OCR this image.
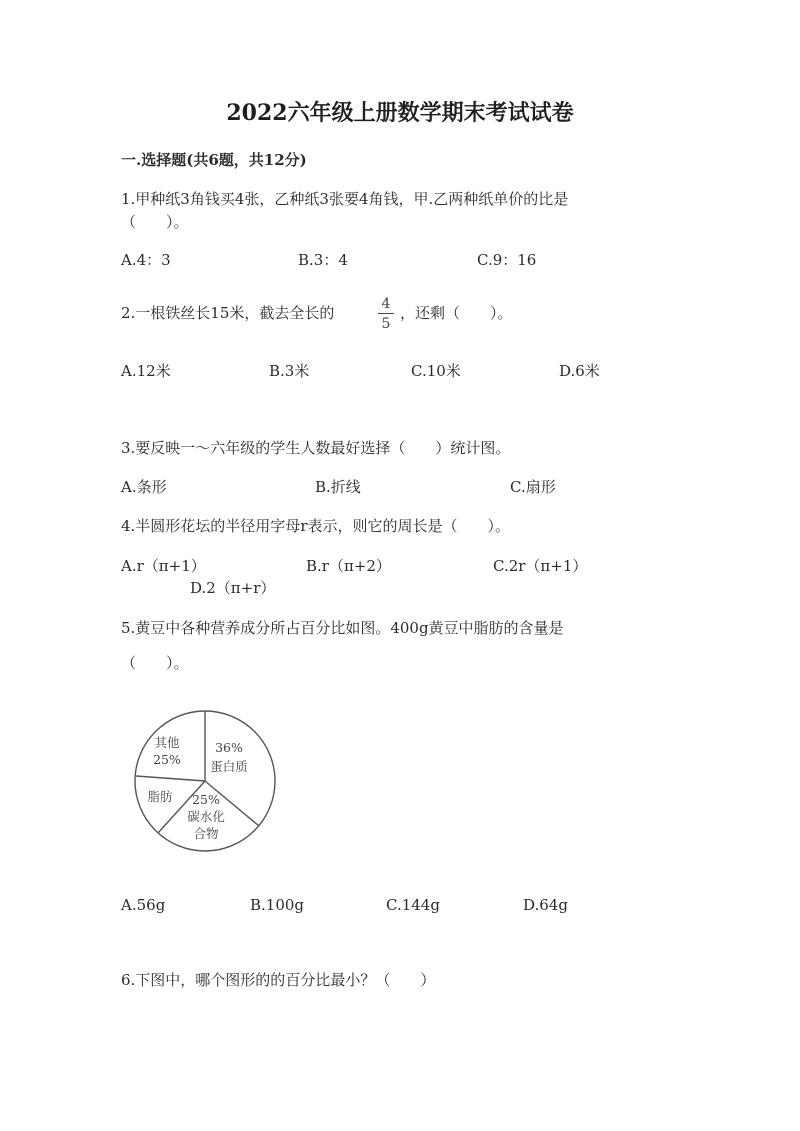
2022六年级上册数学期末考试试卷
一.选择题(共6题，共12分)
1.甲种纸3角钱买4张，乙种纸3张要4角钱，甲.乙两种纸单价的比是
（　　）。
A.4：3	B.3：4	C.9：16
2.一根铁丝长15米，截去全长的	4
5
，还剩（　　）。
A.12米	B.3米	C.10米	D.6米
3.要反映一～六年级的学生人数最好选择（　　）统计图。
A.条形	B.折线	C.扇形
4.半圆形花坛的半径用字母r表示，则它的周长是（　　）。
A.r（π+1）	B.r（π+2）	C.2r（π+1）
D.2（π+r）
5.黄豆中各种营养成分所占百分比如图。400g黄豆中脂肪的含量是
（　　）。
36%
蛋白质
25%
碳水化
合物
脂肪
其他
25%
A.56g	B.100g	C.144g	D.64g
6.下图中，哪个图形的的百分比最小？（　　）
